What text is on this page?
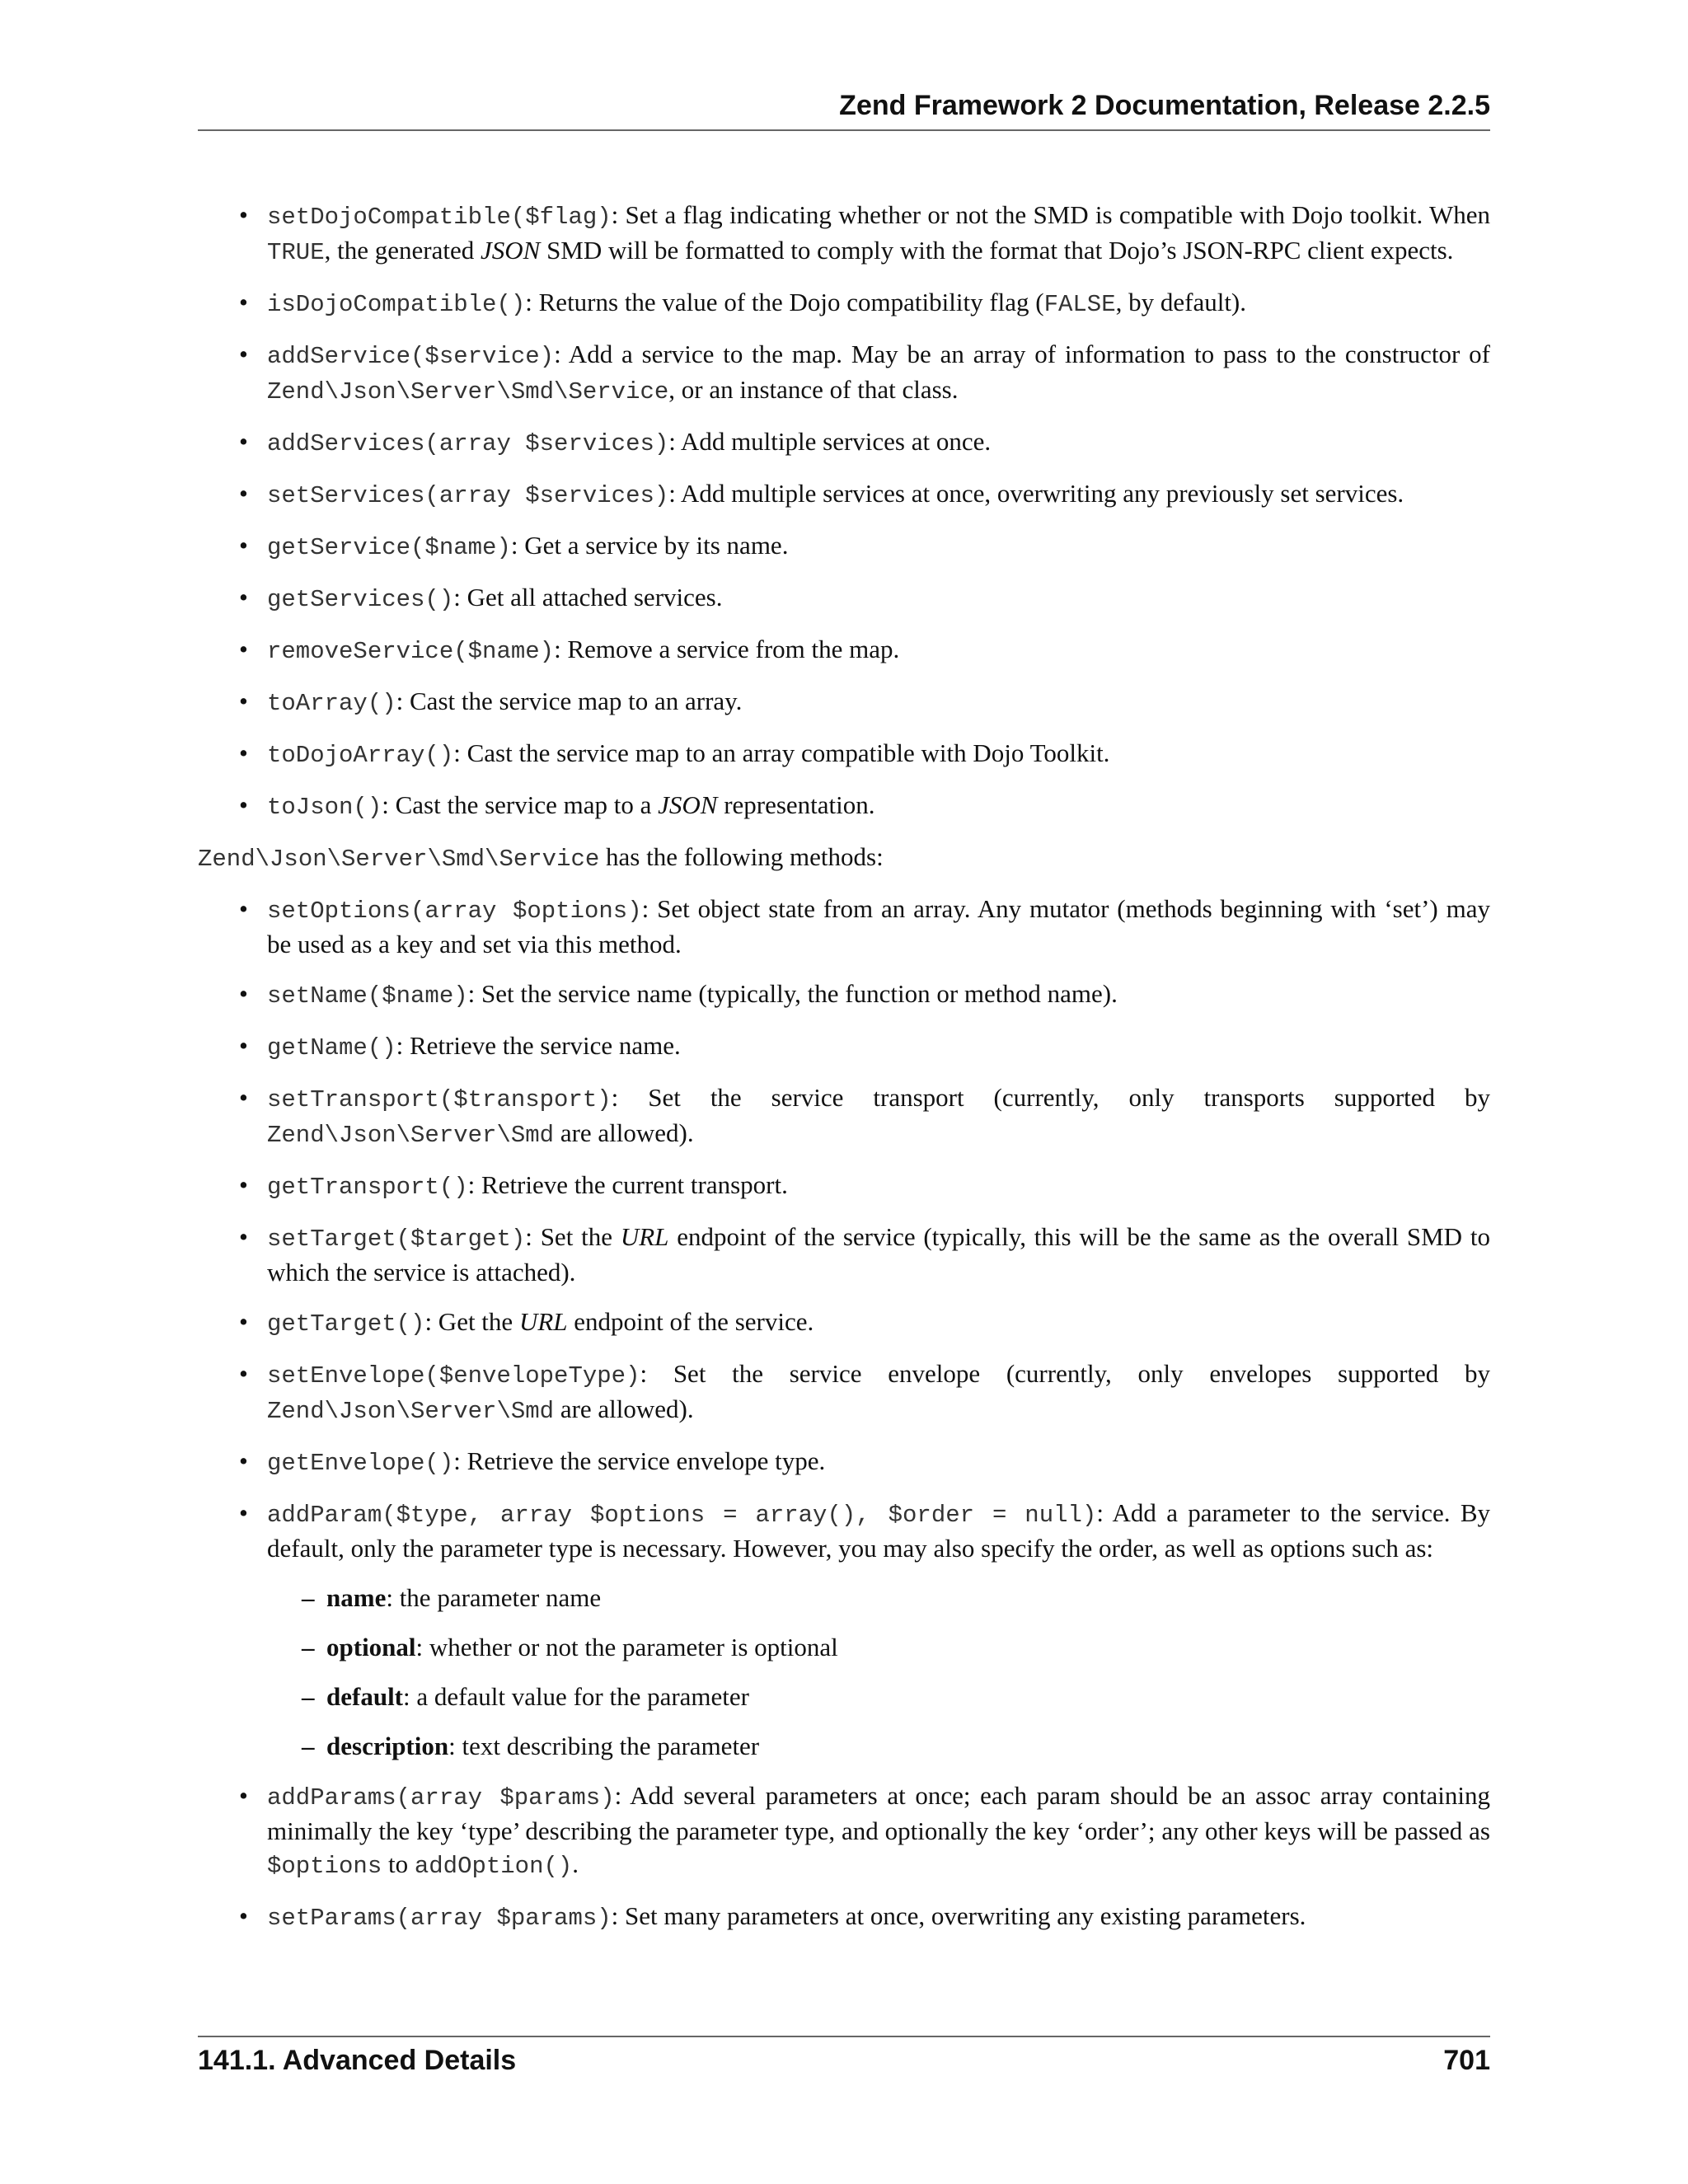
Zend Framework 2 Documentation, Release 2.2.5
• setDojoCompatible($flag): Set a flag indicating whether or not the SMD is compatible with Dojo toolkit. When TRUE, the generated JSON SMD will be formatted to comply with the format that Dojo’s JSON-RPC client expects.
• isDojoCompatible(): Returns the value of the Dojo compatibility flag (FALSE, by default).
• addService($service): Add a service to the map. May be an array of information to pass to the constructor of Zend\Json\Server\Smd\Service, or an instance of that class.
• addServices(array $services): Add multiple services at once.
• setServices(array $services): Add multiple services at once, overwriting any previously set services.
• getService($name): Get a service by its name.
• getServices(): Get all attached services.
• removeService($name): Remove a service from the map.
• toArray(): Cast the service map to an array.
• toDojoArray(): Cast the service map to an array compatible with Dojo Toolkit.
• toJson(): Cast the service map to a JSON representation.

Zend\Json\Server\Smd\Service has the following methods:

• setOptions(array $options): Set object state from an array. Any mutator (methods beginning with ‘set’) may be used as a key and set via this method.
• setName($name): Set the service name (typically, the function or method name).
• getName(): Retrieve the service name.
• setTransport($transport): Set the service transport (currently, only transports supported by Zend\Json\Server\Smd are allowed).
• getTransport(): Retrieve the current transport.
• setTarget($target): Set the URL endpoint of the service (typically, this will be the same as the overall SMD to which the service is attached).
• getTarget(): Get the URL endpoint of the service.
• setEnvelope($envelopeType): Set the service envelope (currently, only envelopes supported by Zend\Json\Server\Smd are allowed).
• getEnvelope(): Retrieve the service envelope type.
• addParam($type, array $options = array(), $order = null): Add a parameter to the service. By default, only the parameter type is necessary. However, you may also specify the order, as well as options such as:
– name: the parameter name
– optional: whether or not the parameter is optional
– default: a default value for the parameter
– description: text describing the parameter
• addParams(array $params): Add several parameters at once; each param should be an assoc array containing minimally the key ‘type’ describing the parameter type, and optionally the key ‘order’; any other keys will be passed as $options to addOption().
• setParams(array $params): Set many parameters at once, overwriting any existing parameters.
141.1. Advanced Details	701
